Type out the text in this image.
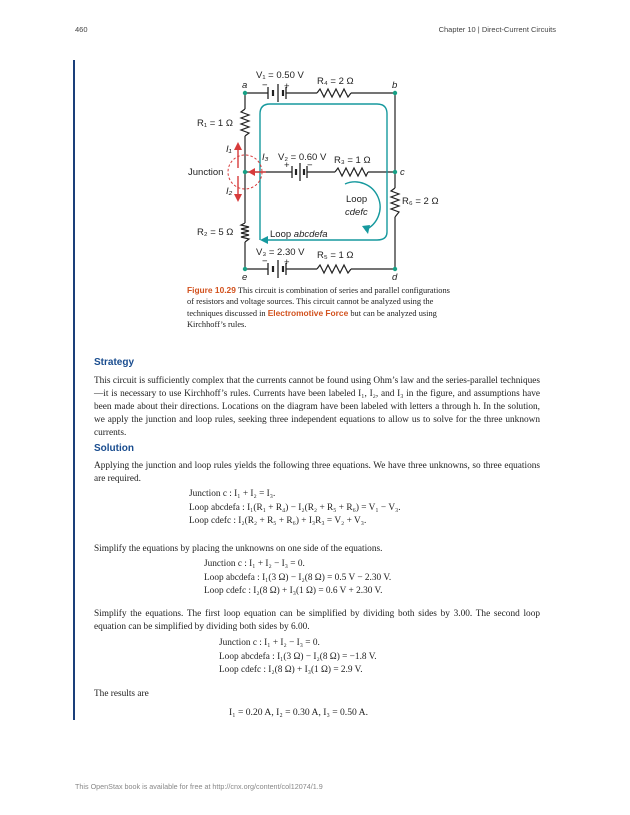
460	Chapter 10 | Direct-Current Circuits
− +
+ −
− +
a	b
c
d
e
V₁ = 0.50 V
R₄ = 2 Ω
R₁ = 1 Ω
I₁
I₃ V₂ = 0.60 V R₃ = 1 Ω
Junction
I₂
Loop
cdefc
R₆ = 2 Ω
R₂ = 5 Ω	Loop abcdefa
V₃ = 2.30 V R₅ = 1 Ω
Figure 10.29 This circuit is combination of series and parallel configurations of resistors and voltage sources. This circuit cannot be analyzed using the techniques discussed in Electromotive Force but can be analyzed using Kirchhoff’s rules.
Strategy
This circuit is sufficiently complex that the currents cannot be found using Ohm’s law and the series-parallel techniques—it is necessary to use Kirchhoff’s rules. Currents have been labeled I₁, I₂, and I₃ in the figure, and assumptions have been made about their directions. Locations on the diagram have been labeled with letters a through h. In the solution, we apply the junction and loop rules, seeking three independent equations to allow us to solve for the three unknown currents.
Solution
Applying the junction and loop rules yields the following three equations. We have three unknowns, so three equations are required.
Junction c : I₁ + I₂ = I₃.
Loop abcdefa : I₁(R₁ + R₄) − I₂(R₂ + R₅ + R₆) = V₁ − V₃.
Loop cdefc : I₂(R₂ + R₅ + R₆) + I₃R₃ = V₂ + V₃.
Simplify the equations by placing the unknowns on one side of the equations.
Junction c : I₁ + I₂ − I₃ = 0.
Loop abcdefa : I₁(3 Ω) − I₂(8 Ω) = 0.5 V − 2.30 V.
Loop cdefc : I₂(8 Ω) + I₃(1 Ω) = 0.6 V + 2.30 V.
Simplify the equations. The first loop equation can be simplified by dividing both sides by 3.00. The second loop equation can be simplified by dividing both sides by 6.00.
Junction c : I₁ + I₂ − I₃ = 0.
Loop abcdefa : I₁(3 Ω) − I₂(8 Ω) = −1.8 V.
Loop cdefc : I₂(8 Ω) + I₃(1 Ω) = 2.9 V.
The results are
I₁ = 0.20 A, I₂ = 0.30 A, I₃ = 0.50 A.
This OpenStax book is available for free at http://cnx.org/content/col12074/1.9
